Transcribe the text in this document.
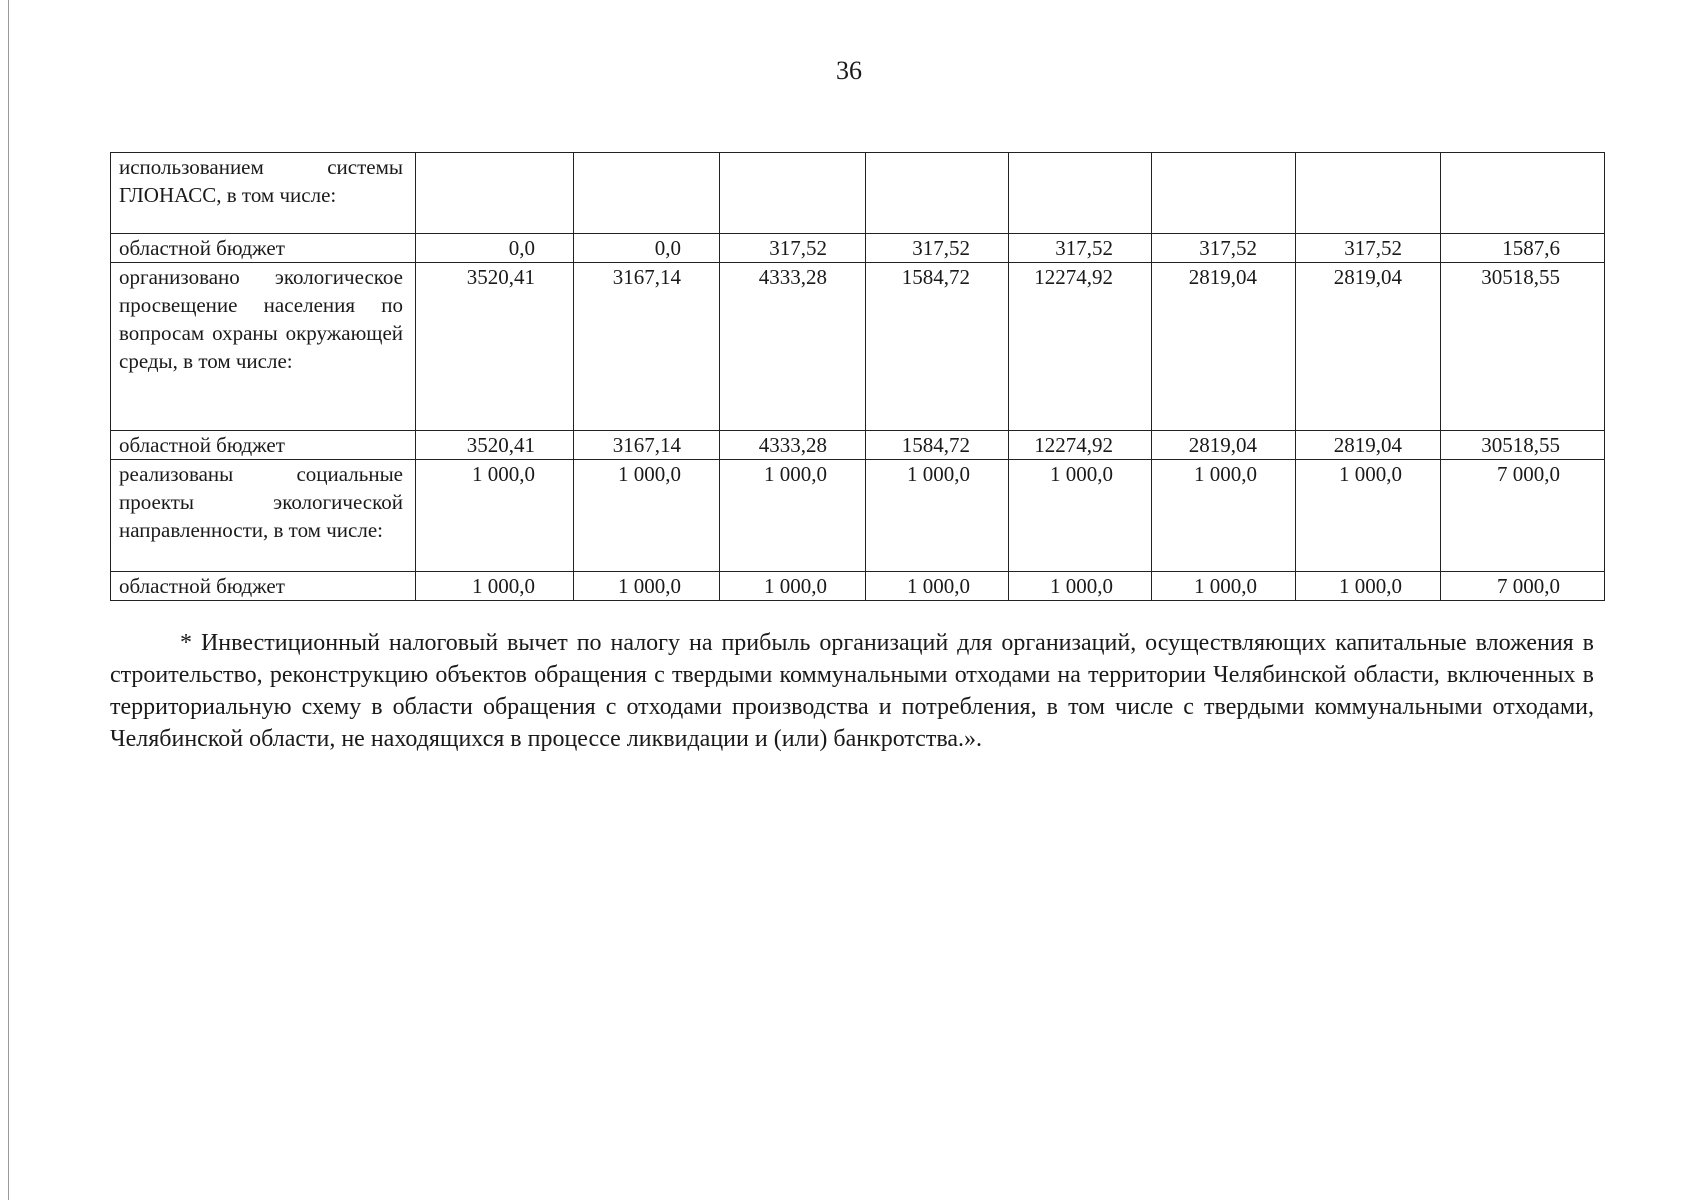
36
использованием системы ГЛОНАСС, в том числе:								
областной бюджет	0,0	0,0	317,52	317,52	317,52	317,52	317,52	1587,6
организовано экологическое просвещение населения по вопросам охраны окружающей среды, в том числе:	3520,41	3167,14	4333,28	1584,72	12274,92	2819,04	2819,04	30518,55
областной бюджет	3520,41	3167,14	4333,28	1584,72	12274,92	2819,04	2819,04	30518,55
реализованы социальные проекты экологической направленности, в том числе:	1 000,0	1 000,0	1 000,0	1 000,0	1 000,0	1 000,0	1 000,0	7 000,0
областной бюджет	1 000,0	1 000,0	1 000,0	1 000,0	1 000,0	1 000,0	1 000,0	7 000,0

* Инвестиционный налоговый вычет по налогу на прибыль организаций для организаций, осуществляющих капитальные вложения в строительство, реконструкцию объектов обращения с твердыми коммунальными отходами на территории Челябинской области, включенных в территориальную схему в области обращения с отходами производства и потребления, в том числе с твердыми коммунальными отходами, Челябинской области, не находящихся в процессе ликвидации и (или) банкротства.».
